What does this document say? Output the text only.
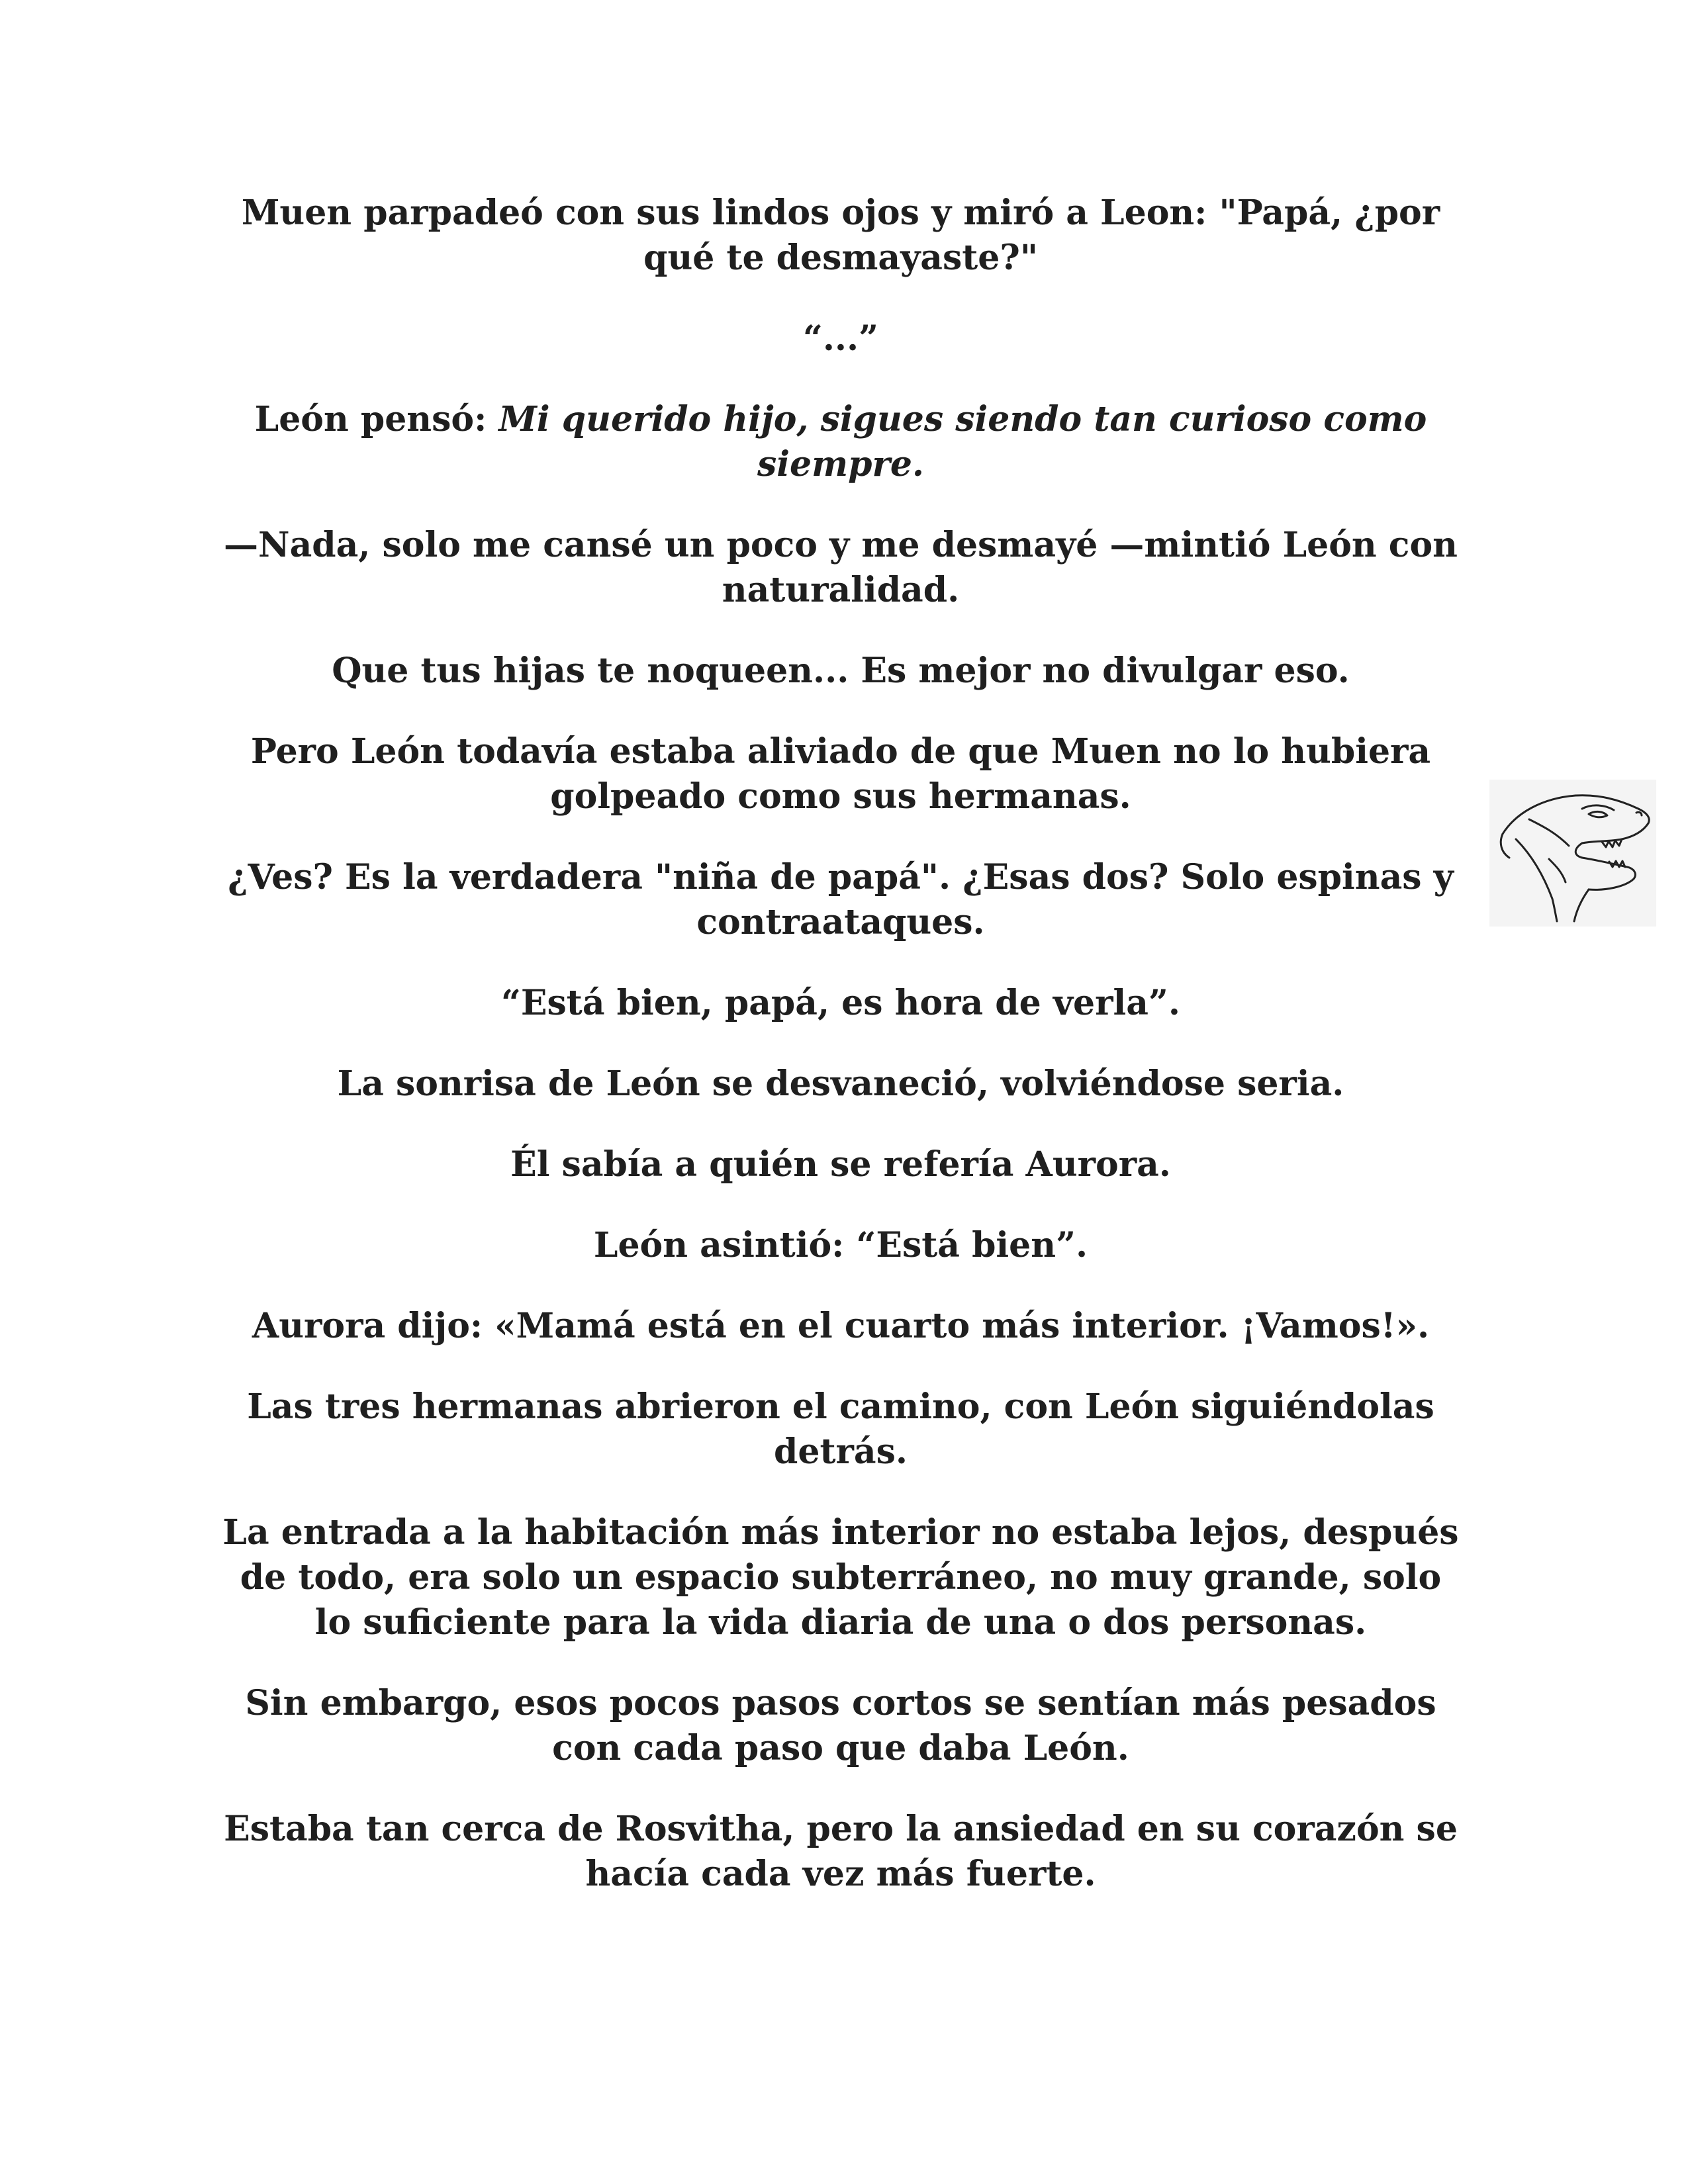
Muen parpadeó con sus lindos ojos y miró a Leon: "Papá, ¿por qué te desmayaste?"

“...”

León pensó: Mi querido hijo, sigues siendo tan curioso como siempre.

—Nada, solo me cansé un poco y me desmayé —mintió León con naturalidad.

Que tus hijas te noqueen... Es mejor no divulgar eso.

Pero León todavía estaba aliviado de que Muen no lo hubiera golpeado como sus hermanas.

¿Ves? Es la verdadera "niña de papá". ¿Esas dos? Solo espinas y contraataques.

“Está bien, papá, es hora de verla”.

La sonrisa de León se desvaneció, volviéndose seria.

Él sabía a quién se refería Aurora.

León asintió: “Está bien”.

Aurora dijo: «Mamá está en el cuarto más interior. ¡Vamos!».

Las tres hermanas abrieron el camino, con León siguiéndolas detrás.

La entrada a la habitación más interior no estaba lejos, después de todo, era solo un espacio subterráneo, no muy grande, solo lo suficiente para la vida diaria de una o dos personas.

Sin embargo, esos pocos pasos cortos se sentían más pesados con cada paso que daba León.

Estaba tan cerca de Rosvitha, pero la ansiedad en su corazón se hacía cada vez más fuerte.
